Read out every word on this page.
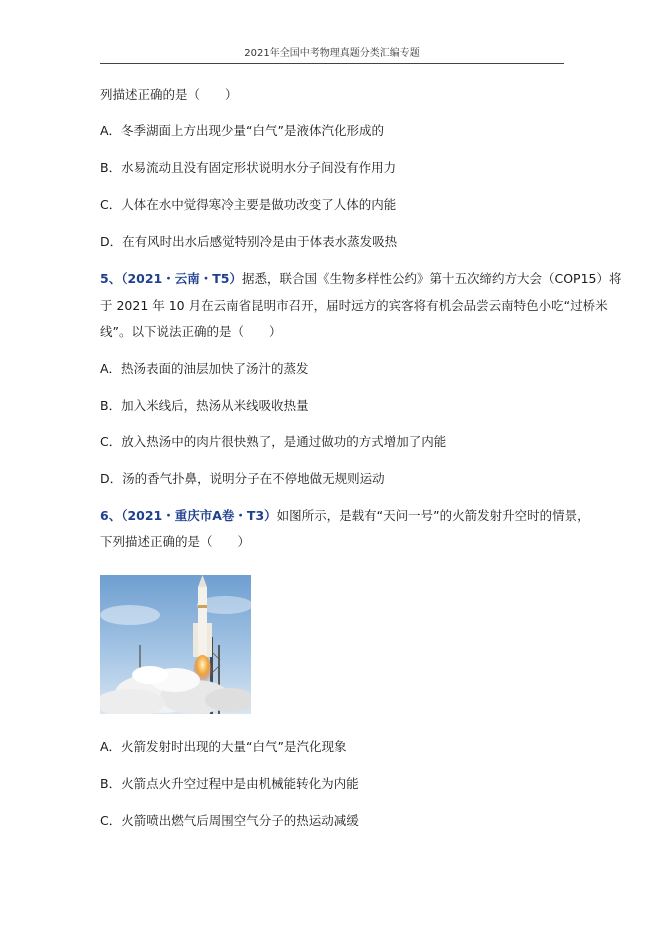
2021年全国中考物理真题分类汇编专题
列描述正确的是（　　）
A．冬季湖面上方出现少量“白气”是液体汽化形成的
B．水易流动且没有固定形状说明水分子间没有作用力
C．人体在水中觉得寒冷主要是做功改变了人体的内能
D．在有风时出水后感觉特别冷是由于体表水蒸发吸热
5、（2021・云南・T5）据悉，联合国《生物多样性公约》第十五次缔约方大会（COP15）将
于 2021 年 10 月在云南省昆明市召开，届时远方的宾客将有机会品尝云南特色小吃“过桥米
线”。以下说法正确的是（　　）
A．热汤表面的油层加快了汤汁的蒸发
B．加入米线后，热汤从米线吸收热量
C．放入热汤中的肉片很快熟了，是通过做功的方式增加了内能
D．汤的香气扑鼻，说明分子在不停地做无规则运动
6、（2021・重庆市A卷・T3）如图所示，是载有“天问一号”的火箭发射升空时的情景，
下列描述正确的是（　　）
A．火箭发射时出现的大量“白气”是汽化现象
B．火箭点火升空过程中是由机械能转化为内能
C．火箭喷出燃气后周围空气分子的热运动减缓
